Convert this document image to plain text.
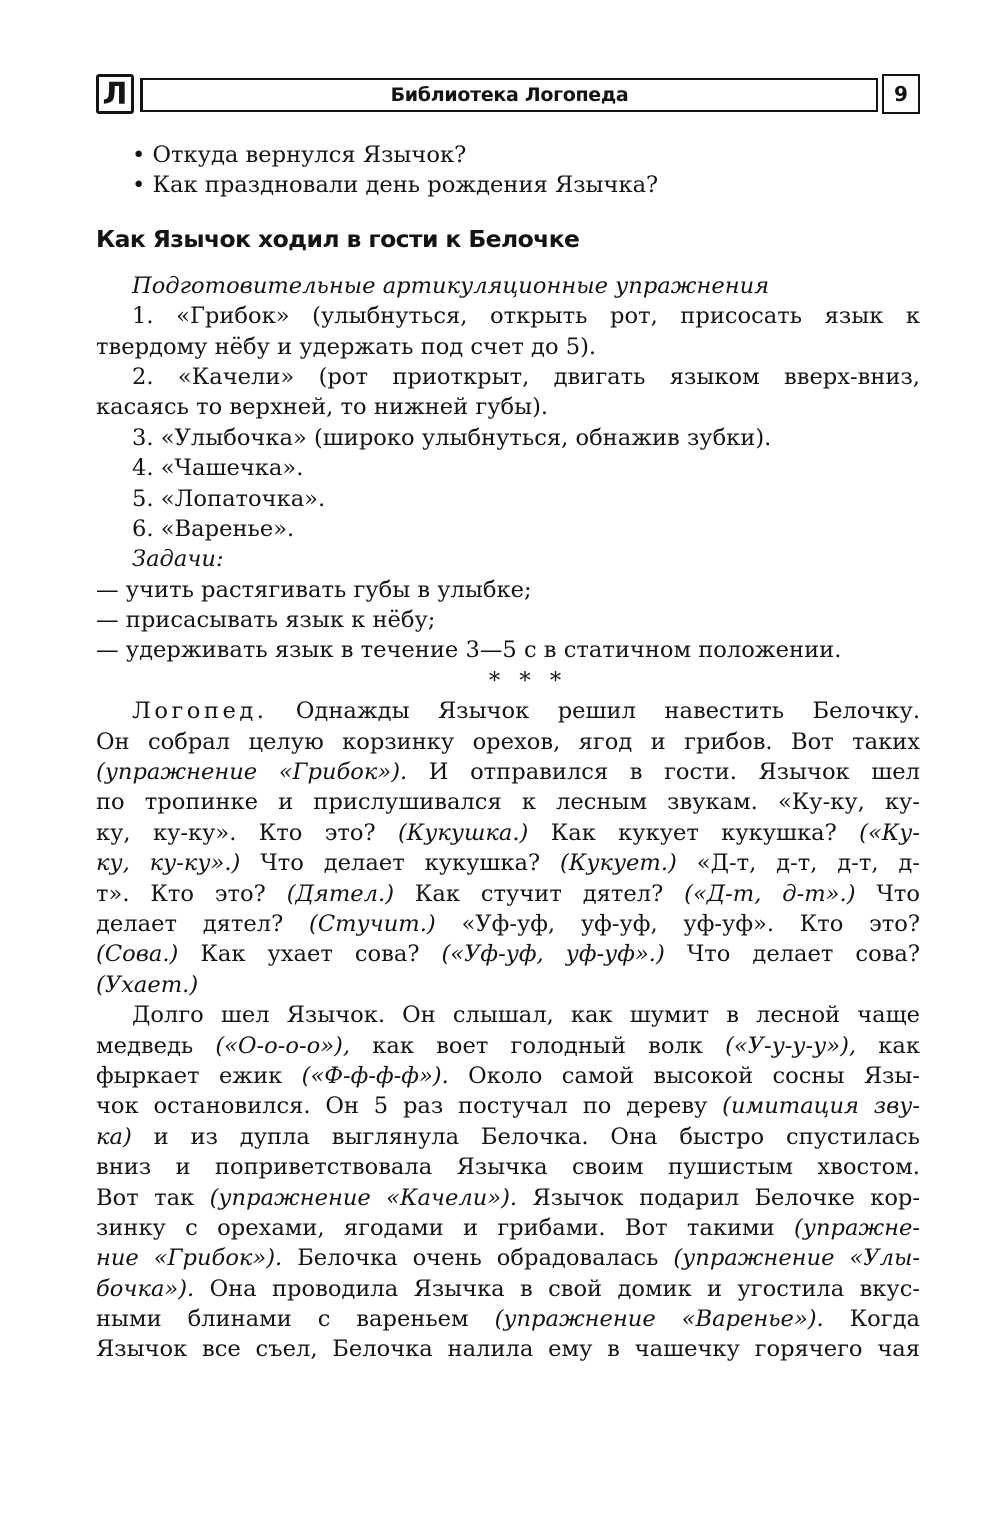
Л	Библиотека Логопеда	9
• Откуда вернулся Язычок?
• Как праздновали день рождения Язычка?
Как Язычок ходил в гости к Белочке
Подготовительные артикуляционные упражнения
1. «Грибок» (улыбнуться, открыть рот, присосать язык к
твердому нёбу и удержать под счет до 5).
2. «Качели» (рот приоткрыт, двигать языком вверх-вниз,
касаясь то верхней, то нижней губы).
3. «Улыбочка» (широко улыбнуться, обнажив зубки).
4. «Чашечка».
5. «Лопаточка».
6. «Варенье».
Задачи:
— учить растягивать губы в улыбке;
— присасывать язык к нёбу;
— удерживать язык в течение 3—5 с в статичном положении.
* * *
Логопед. Однажды Язычок решил навестить Белочку.
Он собрал целую корзинку орехов, ягод и грибов. Вот таких
(упражнение «Грибок»). И отправился в гости. Язычок шел
по тропинке и прислушивался к лесным звукам. «Ку-ку, ку-
ку, ку-ку». Кто это? (Кукушка.) Как кукует кукушка? («Ку-
ку, ку-ку».) Что делает кукушка? (Кукует.) «Д-т, д-т, д-т, д-
т». Кто это? (Дятел.) Как стучит дятел? («Д-т, д-т».) Что
делает дятел? (Стучит.) «Уф-уф, уф-уф, уф-уф». Кто это?
(Сова.) Как ухает сова? («Уф-уф, уф-уф».) Что делает сова?
(Ухает.)
Долго шел Язычок. Он слышал, как шумит в лесной чаще
медведь («О-о-о-о»), как воет голодный волк («У-у-у-у»), как
фыркает ежик («Ф-ф-ф-ф»). Около самой высокой сосны Язы-
чок остановился. Он 5 раз постучал по дереву (имитация зву-
ка) и из дупла выглянула Белочка. Она быстро спустилась
вниз и поприветствовала Язычка своим пушистым хвостом.
Вот так (упражнение «Качели»). Язычок подарил Белочке кор-
зинку с орехами, ягодами и грибами. Вот такими (упражне-
ние «Грибок»). Белочка очень обрадовалась (упражнение «Улы-
бочка»). Она проводила Язычка в свой домик и угостила вкус-
ными блинами с вареньем (упражнение «Варенье»). Когда
Язычок все съел, Белочка налила ему в чашечку горячего чая
